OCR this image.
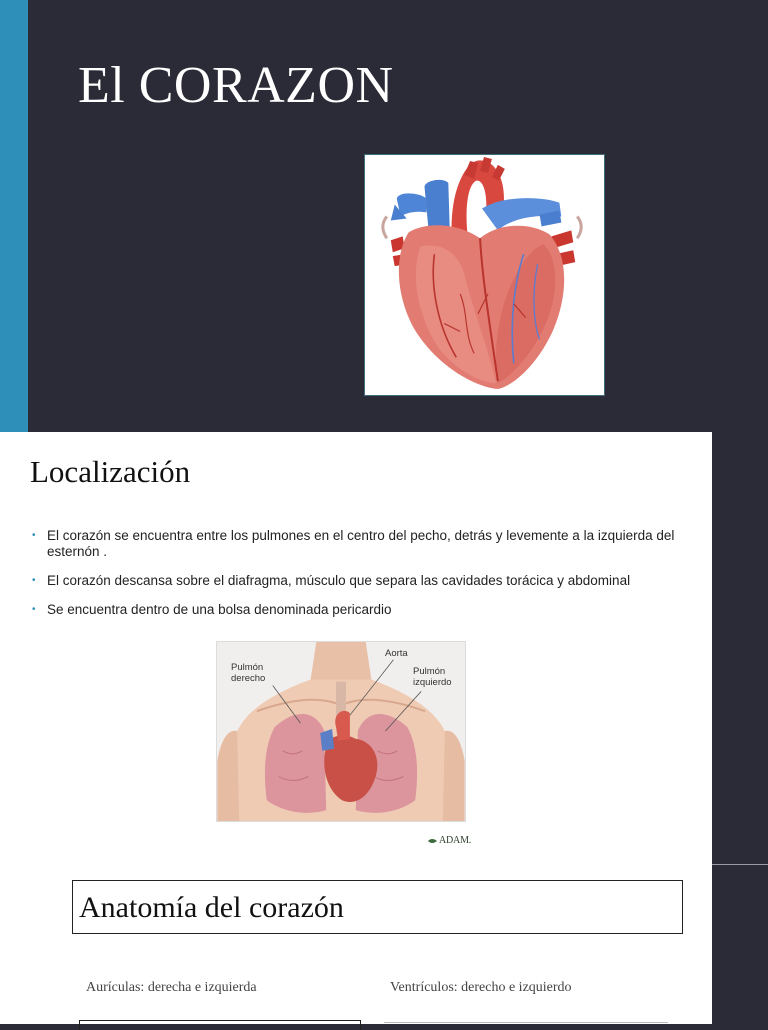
El CORAZON
Localización
• El corazón se encuentra entre los pulmones en el centro del pecho, detrás y levemente a la izquierda del esternón .
• El corazón descansa sobre el diafragma, músculo que separa las cavidades torácica y abdominal
• Se encuentra dentro de una bolsa denominada pericardio
Pulmón
derecho
Aorta
Pulmón
izquierdo
ADAM.
Anatomía del corazón

Aurículas: derecha e izquierda	Ventrículos: derecho e izquierdo
